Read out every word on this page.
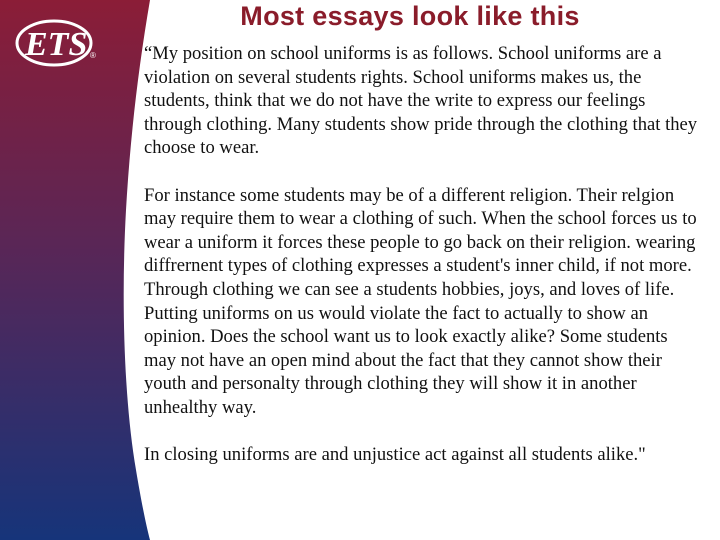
ETS ®
Most essays look like this

“My position on school uniforms is as follows. School uniforms are a violation on several students rights. School uniforms makes us, the students, think that we do not have the write to express our feelings through clothing. Many students show pride through the clothing that they choose to wear.

For instance some students may be of a different religion. Their relgion may require them to wear a clothing of such. When the school forces us to wear a uniform it forces these people to go back on their religion. wearing diffrernent types of clothing expresses a student's inner child, if not more. Through clothing we can see a students hobbies, joys, and loves of life. Putting uniforms on us would violate the fact to actually to show an opinion. Does the school want us to look exactly alike? Some students may not have an open mind about the fact that they cannot show their youth and personalty through clothing they will show it in another unhealthy way.

In closing uniforms are and unjustice act against all students alike."
